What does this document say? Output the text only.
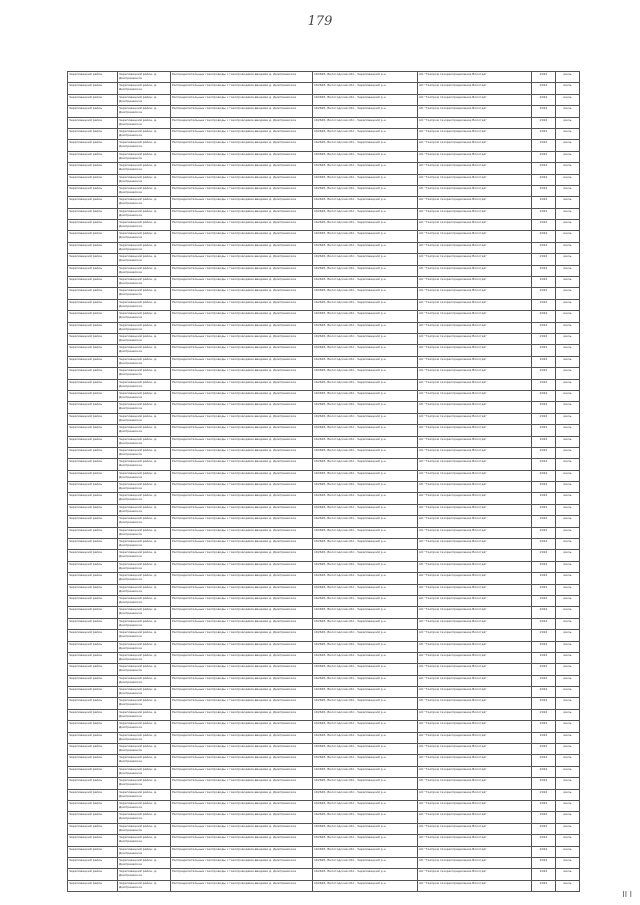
179
Череповецкий район	Череповецкий район, д. Дмитриевское	Распределительные газопроводы с газопроводами-вводами д. Дмитриевское	162645, Вологодская обл., Череповецкий р-н	АО "Газпром газораспределение Вологда"	2022	июль
Череповецкий район	Череповецкий район, д. Дмитриевское	Распределительные газопроводы с газопроводами-вводами д. Дмитриевское	162645, Вологодская обл., Череповецкий р-н	АО "Газпром газораспределение Вологда"	2022	июль
Череповецкий район	Череповецкий район, д. Дмитриевское	Распределительные газопроводы с газопроводами-вводами д. Дмитриевское	162645, Вологодская обл., Череповецкий р-н	АО "Газпром газораспределение Вологда"	2022	июль
Череповецкий район	Череповецкий район, д. Дмитриевское	Распределительные газопроводы с газопроводами-вводами д. Дмитриевское	162645, Вологодская обл., Череповецкий р-н	АО "Газпром газораспределение Вологда"	2022	июль
Череповецкий район	Череповецкий район, д. Дмитриевское	Распределительные газопроводы с газопроводами-вводами д. Дмитриевское	162645, Вологодская обл., Череповецкий р-н	АО "Газпром газораспределение Вологда"	2022	июль
Череповецкий район	Череповецкий район, д. Дмитриевское	Распределительные газопроводы с газопроводами-вводами д. Дмитриевское	162645, Вологодская обл., Череповецкий р-н	АО "Газпром газораспределение Вологда"	2022	июль
Череповецкий район	Череповецкий район, д. Дмитриевское	Распределительные газопроводы с газопроводами-вводами д. Дмитриевское	162645, Вологодская обл., Череповецкий р-н	АО "Газпром газораспределение Вологда"	2022	июль
Череповецкий район	Череповецкий район, д. Дмитриевское	Распределительные газопроводы с газопроводами-вводами д. Дмитриевское	162645, Вологодская обл., Череповецкий р-н	АО "Газпром газораспределение Вологда"	2022	июль
Череповецкий район	Череповецкий район, д. Дмитриевское	Распределительные газопроводы с газопроводами-вводами д. Дмитриевское	162645, Вологодская обл., Череповецкий р-н	АО "Газпром газораспределение Вологда"	2022	июль
Череповецкий район	Череповецкий район, д. Дмитриевское	Распределительные газопроводы с газопроводами-вводами д. Дмитриевское	162645, Вологодская обл., Череповецкий р-н	АО "Газпром газораспределение Вологда"	2022	июль
Череповецкий район	Череповецкий район, д. Дмитриевское	Распределительные газопроводы с газопроводами-вводами д. Дмитриевское	162645, Вологодская обл., Череповецкий р-н	АО "Газпром газораспределение Вологда"	2022	июль
Череповецкий район	Череповецкий район, д. Дмитриевское	Распределительные газопроводы с газопроводами-вводами д. Дмитриевское	162645, Вологодская обл., Череповецкий р-н	АО "Газпром газораспределение Вологда"	2022	июль
Череповецкий район	Череповецкий район, д. Дмитриевское	Распределительные газопроводы с газопроводами-вводами д. Дмитриевское	162645, Вологодская обл., Череповецкий р-н	АО "Газпром газораспределение Вологда"	2022	июль
Череповецкий район	Череповецкий район, д. Дмитриевское	Распределительные газопроводы с газопроводами-вводами д. Дмитриевское	162645, Вологодская обл., Череповецкий р-н	АО "Газпром газораспределение Вологда"	2022	июль
Череповецкий район	Череповецкий район, д. Дмитриевское	Распределительные газопроводы с газопроводами-вводами д. Дмитриевское	162645, Вологодская обл., Череповецкий р-н	АО "Газпром газораспределение Вологда"	2022	июль
Череповецкий район	Череповецкий район, д. Дмитриевское	Распределительные газопроводы с газопроводами-вводами д. Дмитриевское	162645, Вологодская обл., Череповецкий р-н	АО "Газпром газораспределение Вологда"	2022	июль
Череповецкий район	Череповецкий район, д. Дмитриевское	Распределительные газопроводы с газопроводами-вводами д. Дмитриевское	162645, Вологодская обл., Череповецкий р-н	АО "Газпром газораспределение Вологда"	2022	июль
Череповецкий район	Череповецкий район, д. Дмитриевское	Распределительные газопроводы с газопроводами-вводами д. Дмитриевское	162645, Вологодская обл., Череповецкий р-н	АО "Газпром газораспределение Вологда"	2022	июль
Череповецкий район	Череповецкий район, д. Дмитриевское	Распределительные газопроводы с газопроводами-вводами д. Дмитриевское	162645, Вологодская обл., Череповецкий р-н	АО "Газпром газораспределение Вологда"	2022	июль
Череповецкий район	Череповецкий район, д. Дмитриевское	Распределительные газопроводы с газопроводами-вводами д. Дмитриевское	162645, Вологодская обл., Череповецкий р-н	АО "Газпром газораспределение Вологда"	2022	июль
Череповецкий район	Череповецкий район, д. Дмитриевское	Распределительные газопроводы с газопроводами-вводами д. Дмитриевское	162645, Вологодская обл., Череповецкий р-н	АО "Газпром газораспределение Вологда"	2022	июль
Череповецкий район	Череповецкий район, д. Дмитриевское	Распределительные газопроводы с газопроводами-вводами д. Дмитриевское	162645, Вологодская обл., Череповецкий р-н	АО "Газпром газораспределение Вологда"	2022	июль
Череповецкий район	Череповецкий район, д. Дмитриевское	Распределительные газопроводы с газопроводами-вводами д. Дмитриевское	162645, Вологодская обл., Череповецкий р-н	АО "Газпром газораспределение Вологда"	2022	июль
Череповецкий район	Череповецкий район, д. Дмитриевское	Распределительные газопроводы с газопроводами-вводами д. Дмитриевское	162645, Вологодская обл., Череповецкий р-н	АО "Газпром газораспределение Вологда"	2022	июль
Череповецкий район	Череповецкий район, д. Дмитриевское	Распределительные газопроводы с газопроводами-вводами д. Дмитриевское	162645, Вологодская обл., Череповецкий р-н	АО "Газпром газораспределение Вологда"	2022	июль
Череповецкий район	Череповецкий район, д. Дмитриевское	Распределительные газопроводы с газопроводами-вводами д. Дмитриевское	162645, Вологодская обл., Череповецкий р-н	АО "Газпром газораспределение Вологда"	2022	июль
Череповецкий район	Череповецкий район, д. Дмитриевское	Распределительные газопроводы с газопроводами-вводами д. Дмитриевское	162645, Вологодская обл., Череповецкий р-н	АО "Газпром газораспределение Вологда"	2022	июль
Череповецкий район	Череповецкий район, д. Дмитриевское	Распределительные газопроводы с газопроводами-вводами д. Дмитриевское	162645, Вологодская обл., Череповецкий р-н	АО "Газпром газораспределение Вологда"	2022	июль
Череповецкий район	Череповецкий район, д. Дмитриевское	Распределительные газопроводы с газопроводами-вводами д. Дмитриевское	162645, Вологодская обл., Череповецкий р-н	АО "Газпром газораспределение Вологда"	2022	июль
Череповецкий район	Череповецкий район, д. Дмитриевское	Распределительные газопроводы с газопроводами-вводами д. Дмитриевское	162645, Вологодская обл., Череповецкий р-н	АО "Газпром газораспределение Вологда"	2022	июль
Череповецкий район	Череповецкий район, д. Дмитриевское	Распределительные газопроводы с газопроводами-вводами д. Дмитриевское	162645, Вологодская обл., Череповецкий р-н	АО "Газпром газораспределение Вологда"	2022	июль
Череповецкий район	Череповецкий район, д. Дмитриевское	Распределительные газопроводы с газопроводами-вводами д. Дмитриевское	162645, Вологодская обл., Череповецкий р-н	АО "Газпром газораспределение Вологда"	2022	июль
Череповецкий район	Череповецкий район, д. Дмитриевское	Распределительные газопроводы с газопроводами-вводами д. Дмитриевское	162645, Вологодская обл., Череповецкий р-н	АО "Газпром газораспределение Вологда"	2022	июль
Череповецкий район	Череповецкий район, д. Дмитриевское	Распределительные газопроводы с газопроводами-вводами д. Дмитриевское	162645, Вологодская обл., Череповецкий р-н	АО "Газпром газораспределение Вологда"	2022	июль
Череповецкий район	Череповецкий район, д. Дмитриевское	Распределительные газопроводы с газопроводами-вводами д. Дмитриевское	162645, Вологодская обл., Череповецкий р-н	АО "Газпром газораспределение Вологда"	2022	июль
Череповецкий район	Череповецкий район, д. Дмитриевское	Распределительные газопроводы с газопроводами-вводами д. Дмитриевское	162645, Вологодская обл., Череповецкий р-н	АО "Газпром газораспределение Вологда"	2022	июль
Череповецкий район	Череповецкий район, д. Дмитриевское	Распределительные газопроводы с газопроводами-вводами д. Дмитриевское	162645, Вологодская обл., Череповецкий р-н	АО "Газпром газораспределение Вологда"	2022	июль
Череповецкий район	Череповецкий район, д. Дмитриевское	Распределительные газопроводы с газопроводами-вводами д. Дмитриевское	162645, Вологодская обл., Череповецкий р-н	АО "Газпром газораспределение Вологда"	2022	июль
Череповецкий район	Череповецкий район, д. Дмитриевское	Распределительные газопроводы с газопроводами-вводами д. Дмитриевское	162645, Вологодская обл., Череповецкий р-н	АО "Газпром газораспределение Вологда"	2022	июль
Череповецкий район	Череповецкий район, д. Дмитриевское	Распределительные газопроводы с газопроводами-вводами д. Дмитриевское	162645, Вологодская обл., Череповецкий р-н	АО "Газпром газораспределение Вологда"	2022	июль
Череповецкий район	Череповецкий район, д. Дмитриевское	Распределительные газопроводы с газопроводами-вводами д. Дмитриевское	162645, Вологодская обл., Череповецкий р-н	АО "Газпром газораспределение Вологда"	2022	июль
Череповецкий район	Череповецкий район, д. Дмитриевское	Распределительные газопроводы с газопроводами-вводами д. Дмитриевское	162645, Вологодская обл., Череповецкий р-н	АО "Газпром газораспределение Вологда"	2022	июль
Череповецкий район	Череповецкий район, д. Дмитриевское	Распределительные газопроводы с газопроводами-вводами д. Дмитриевское	162645, Вологодская обл., Череповецкий р-н	АО "Газпром газораспределение Вологда"	2022	июль
Череповецкий район	Череповецкий район, д. Дмитриевское	Распределительные газопроводы с газопроводами-вводами д. Дмитриевское	162645, Вологодская обл., Череповецкий р-н	АО "Газпром газораспределение Вологда"	2022	июль
Череповецкий район	Череповецкий район, д. Дмитриевское	Распределительные газопроводы с газопроводами-вводами д. Дмитриевское	162645, Вологодская обл., Череповецкий р-н	АО "Газпром газораспределение Вологда"	2022	июль
Череповецкий район	Череповецкий район, д. Дмитриевское	Распределительные газопроводы с газопроводами-вводами д. Дмитриевское	162645, Вологодская обл., Череповецкий р-н	АО "Газпром газораспределение Вологда"	2022	июль
Череповецкий район	Череповецкий район, д. Дмитриевское	Распределительные газопроводы с газопроводами-вводами д. Дмитриевское	162645, Вологодская обл., Череповецкий р-н	АО "Газпром газораспределение Вологда"	2022	июль
Череповецкий район	Череповецкий район, д. Дмитриевское	Распределительные газопроводы с газопроводами-вводами д. Дмитриевское	162645, Вологодская обл., Череповецкий р-н	АО "Газпром газораспределение Вологда"	2022	июль
Череповецкий район	Череповецкий район, д. Дмитриевское	Распределительные газопроводы с газопроводами-вводами д. Дмитриевское	162645, Вологодская обл., Череповецкий р-н	АО "Газпром газораспределение Вологда"	2022	июль
Череповецкий район	Череповецкий район, д. Дмитриевское	Распределительные газопроводы с газопроводами-вводами д. Дмитриевское	162645, Вологодская обл., Череповецкий р-н	АО "Газпром газораспределение Вологда"	2022	июль
Череповецкий район	Череповецкий район, д. Дмитриевское	Распределительные газопроводы с газопроводами-вводами д. Дмитриевское	162645, Вологодская обл., Череповецкий р-н	АО "Газпром газораспределение Вологда"	2022	июль
Череповецкий район	Череповецкий район, д. Дмитриевское	Распределительные газопроводы с газопроводами-вводами д. Дмитриевское	162645, Вологодская обл., Череповецкий р-н	АО "Газпром газораспределение Вологда"	2022	июль
Череповецкий район	Череповецкий район, д. Дмитриевское	Распределительные газопроводы с газопроводами-вводами д. Дмитриевское	162645, Вологодская обл., Череповецкий р-н	АО "Газпром газораспределение Вологда"	2022	июль
Череповецкий район	Череповецкий район, д. Дмитриевское	Распределительные газопроводы с газопроводами-вводами д. Дмитриевское	162645, Вологодская обл., Череповецкий р-н	АО "Газпром газораспределение Вологда"	2022	июль
Череповецкий район	Череповецкий район, д. Дмитриевское	Распределительные газопроводы с газопроводами-вводами д. Дмитриевское	162645, Вологодская обл., Череповецкий р-н	АО "Газпром газораспределение Вологда"	2022	июль
Череповецкий район	Череповецкий район, д. Дмитриевское	Распределительные газопроводы с газопроводами-вводами д. Дмитриевское	162645, Вологодская обл., Череповецкий р-н	АО "Газпром газораспределение Вологда"	2022	июль
Череповецкий район	Череповецкий район, д. Дмитриевское	Распределительные газопроводы с газопроводами-вводами д. Дмитриевское	162645, Вологодская обл., Череповецкий р-н	АО "Газпром газораспределение Вологда"	2022	июль
Череповецкий район	Череповецкий район, д. Дмитриевское	Распределительные газопроводы с газопроводами-вводами д. Дмитриевское	162645, Вологодская обл., Череповецкий р-н	АО "Газпром газораспределение Вологда"	2022	июль
Череповецкий район	Череповецкий район, д. Дмитриевское	Распределительные газопроводы с газопроводами-вводами д. Дмитриевское	162645, Вологодская обл., Череповецкий р-н	АО "Газпром газораспределение Вологда"	2022	июль
Череповецкий район	Череповецкий район, д. Дмитриевское	Распределительные газопроводы с газопроводами-вводами д. Дмитриевское	162645, Вологодская обл., Череповецкий р-н	АО "Газпром газораспределение Вологда"	2022	июль
Череповецкий район	Череповецкий район, д. Дмитриевское	Распределительные газопроводы с газопроводами-вводами д. Дмитриевское	162645, Вологодская обл., Череповецкий р-н	АО "Газпром газораспределение Вологда"	2022	июль
Череповецкий район	Череповецкий район, д. Дмитриевское	Распределительные газопроводы с газопроводами-вводами д. Дмитриевское	162645, Вологодская обл., Череповецкий р-н	АО "Газпром газораспределение Вологда"	2022	июль
Череповецкий район	Череповецкий район, д. Дмитриевское	Распределительные газопроводы с газопроводами-вводами д. Дмитриевское	162645, Вологодская обл., Череповецкий р-н	АО "Газпром газораспределение Вологда"	2022	июль
Череповецкий район	Череповецкий район, д. Дмитриевское	Распределительные газопроводы с газопроводами-вводами д. Дмитриевское	162645, Вологодская обл., Череповецкий р-н	АО "Газпром газораспределение Вологда"	2022	июль
Череповецкий район	Череповецкий район, д. Дмитриевское	Распределительные газопроводы с газопроводами-вводами д. Дмитриевское	162645, Вологодская обл., Череповецкий р-н	АО "Газпром газораспределение Вологда"	2022	июль
Череповецкий район	Череповецкий район, д. Дмитриевское	Распределительные газопроводы с газопроводами-вводами д. Дмитриевское	162645, Вологодская обл., Череповецкий р-н	АО "Газпром газораспределение Вологда"	2022	июль
Череповецкий район	Череповецкий район, д. Дмитриевское	Распределительные газопроводы с газопроводами-вводами д. Дмитриевское	162645, Вологодская обл., Череповецкий р-н	АО "Газпром газораспределение Вологда"	2022	июль
Череповецкий район	Череповецкий район, д. Дмитриевское	Распределительные газопроводы с газопроводами-вводами д. Дмитриевское	162645, Вологодская обл., Череповецкий р-н	АО "Газпром газораспределение Вологда"	2022	июль
Череповецкий район	Череповецкий район, д. Дмитриевское	Распределительные газопроводы с газопроводами-вводами д. Дмитриевское	162645, Вологодская обл., Череповецкий р-н	АО "Газпром газораспределение Вологда"	2022	июль
Череповецкий район	Череповецкий район, д. Дмитриевское	Распределительные газопроводы с газопроводами-вводами д. Дмитриевское	162645, Вологодская обл., Череповецкий р-н	АО "Газпром газораспределение Вологда"	2022	июль
Череповецкий район	Череповецкий район, д. Дмитриевское	Распределительные газопроводы с газопроводами-вводами д. Дмитриевское	162645, Вологодская обл., Череповецкий р-н	АО "Газпром газораспределение Вологда"	2022	июль
Череповецкий район	Череповецкий район, д. Дмитриевское	Распределительные газопроводы с газопроводами-вводами д. Дмитриевское	162645, Вологодская обл., Череповецкий р-н	АО "Газпром газораспределение Вологда"	2022	июль
II I
